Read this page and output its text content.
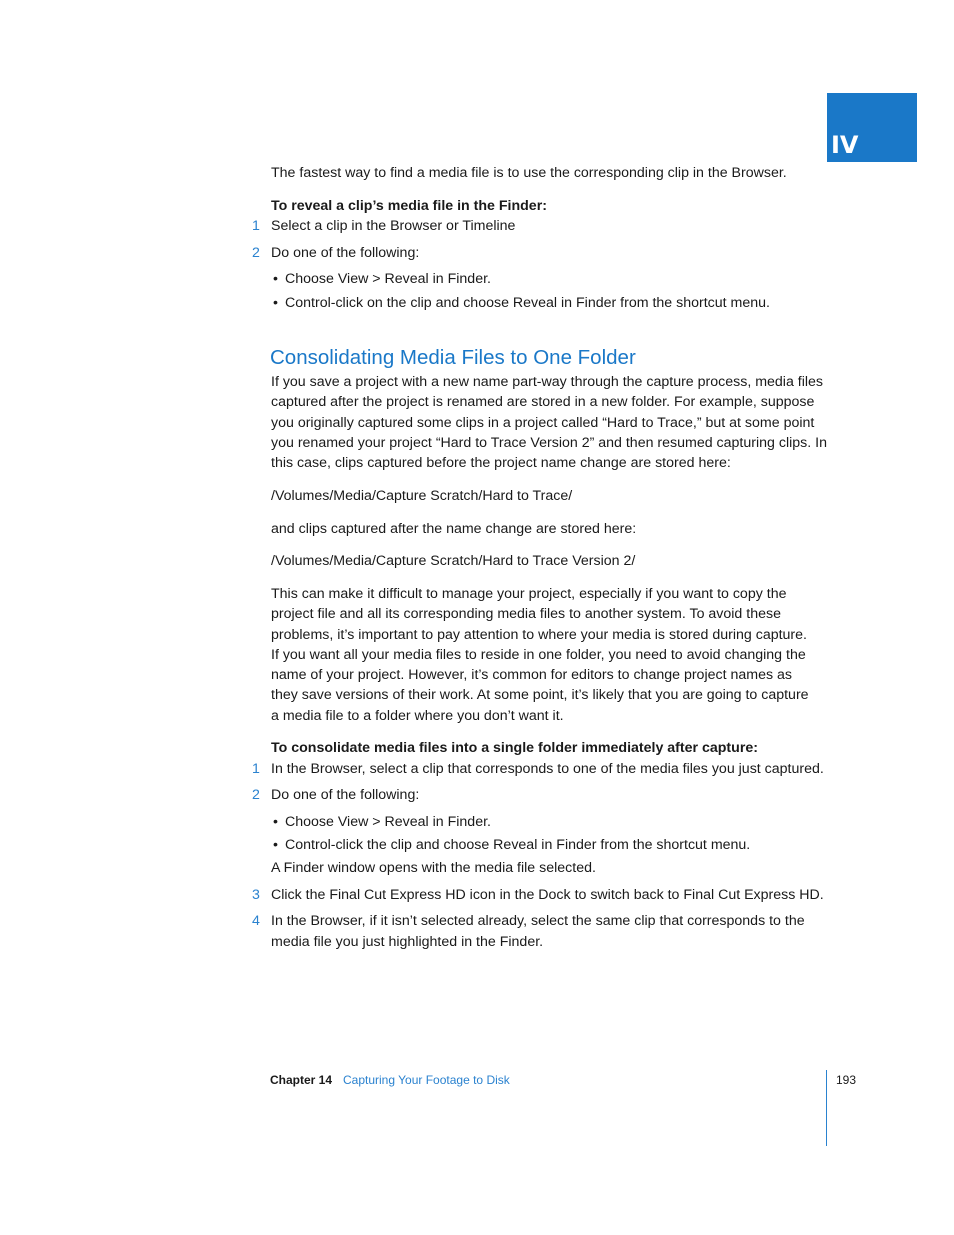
IV
The fastest way to find a media file is to use the corresponding clip in the Browser.
To reveal a clip’s media file in the Finder:
1 Select a clip in the Browser or Timeline
2 Do one of the following:
• Choose View > Reveal in Finder.
• Control-click on the clip and choose Reveal in Finder from the shortcut menu.
Consolidating Media Files to One Folder
If you save a project with a new name part-way through the capture process, media files
captured after the project is renamed are stored in a new folder. For example, suppose
you originally captured some clips in a project called “Hard to Trace,” but at some point
you renamed your project “Hard to Trace Version 2” and then resumed capturing clips. In
this case, clips captured before the project name change are stored here:
/Volumes/Media/Capture Scratch/Hard to Trace/
and clips captured after the name change are stored here:
/Volumes/Media/Capture Scratch/Hard to Trace Version 2/
This can make it difficult to manage your project, especially if you want to copy the
project file and all its corresponding media files to another system. To avoid these
problems, it’s important to pay attention to where your media is stored during capture.
If you want all your media files to reside in one folder, you need to avoid changing the
name of your project. However, it’s common for editors to change project names as
they save versions of their work. At some point, it’s likely that you are going to capture
a media file to a folder where you don’t want it.
To consolidate media files into a single folder immediately after capture:
1 In the Browser, select a clip that corresponds to one of the media files you just captured.
2 Do one of the following:
• Choose View > Reveal in Finder.
• Control-click the clip and choose Reveal in Finder from the shortcut menu.
A Finder window opens with the media file selected.
3 Click the Final Cut Express HD icon in the Dock to switch back to Final Cut Express HD.
4 In the Browser, if it isn’t selected already, select the same clip that corresponds to the
media file you just highlighted in the Finder.
Chapter 14 Capturing Your Footage to Disk	193
